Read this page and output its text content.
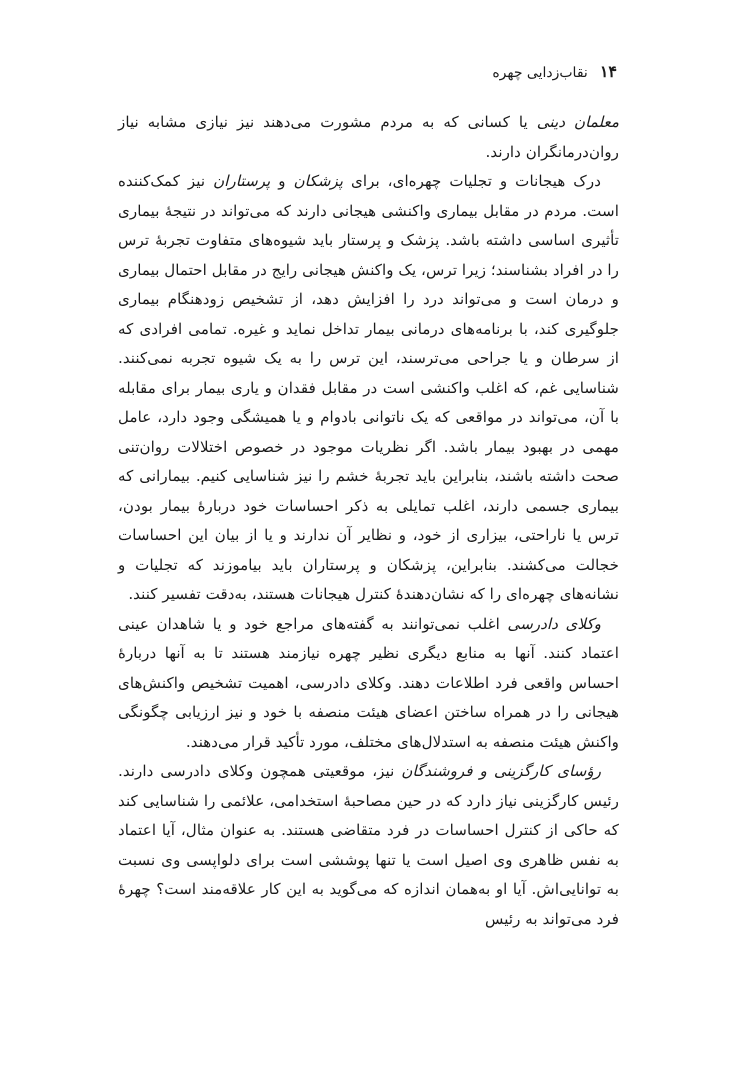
۱۴
نقاب‌زدایی چهره

معلمان دینی یا کسانی که به مردم مشورت می‌دهند نیز نیازی مشابه نیاز روان‌درمانگران دارند.

درک هیجانات و تجلیات چهره‌ای، برای پزشکان و پرستاران نیز کمک‌کننده است. مردم در مقابل بیماری واکنشی هیجانی دارند که می‌تواند در نتیجهٔ بیماری تأثیری اساسی داشته باشد. پزشک و پرستار باید شیوه‌های متفاوت تجربهٔ ترس را در افراد بشناسند؛ زیرا ترس، یک واکنش هیجانی رایج در مقابل احتمال بیماری و درمان است و می‌تواند درد را افزایش دهد، از تشخیص زودهنگام بیماری جلوگیری کند، با برنامه‌های درمانی بیمار تداخل نماید و غیره. تمامی افرادی که از سرطان و یا جراحی می‌ترسند، این ترس را به یک شیوه تجربه نمی‌کنند. شناسایی غم، که اغلب واکنشی است در مقابل فقدان و یاری بیمار برای مقابله با آن، می‌تواند در مواقعی که یک ناتوانی بادوام و یا همیشگی وجود دارد، عامل مهمی در بهبود بیمار باشد. اگر نظریات موجود در خصوص اختلالات روان‌تنی صحت داشته باشند، بنابراین باید تجربهٔ خشم را نیز شناسایی کنیم. بیمارانی که بیماری جسمی دارند، اغلب تمایلی به ذکر احساسات خود دربارهٔ بیمار بودن، ترس یا ناراحتی، بیزاری از خود، و نظایر آن ندارند و یا از بیان این احساسات خجالت می‌کشند. بنابراین، پزشکان و پرستاران باید بیاموزند که تجلیات و نشانه‌های چهره‌ای را که نشان‌دهندهٔ کنترل هیجانات هستند، به‌دقت تفسیر کنند.

وکلای دادرسی اغلب نمی‌توانند به گفته‌های مراجع خود و یا شاهدان عینی اعتماد کنند. آنها به منابع دیگری نظیر چهره نیازمند هستند تا به آنها دربارهٔ احساس واقعی فرد اطلاعات دهند. وکلای دادرسی، اهمیت تشخیص واکنش‌های هیجانی را در همراه ساختن اعضای هیئت منصفه با خود و نیز ارزیابی چگونگی واکنش هیئت منصفه به استدلال‌های مختلف، مورد تأکید قرار می‌دهند.

رؤسای کارگزینی و فروشندگان نیز، موقعیتی همچون وکلای دادرسی دارند. رئیس کارگزینی نیاز دارد که در حین مصاحبهٔ استخدامی، علائمی را شناسایی کند که حاکی از کنترل احساسات در فرد متقاضی هستند. به عنوان مثال، آیا اعتماد به نفس ظاهری وی اصیل است یا تنها پوششی است برای دلواپسی وی نسبت به توانایی‌اش. آیا او به‌همان اندازه که می‌گوید به این کار علاقه‌مند است؟ چهرهٔ فرد می‌تواند به رئیس
